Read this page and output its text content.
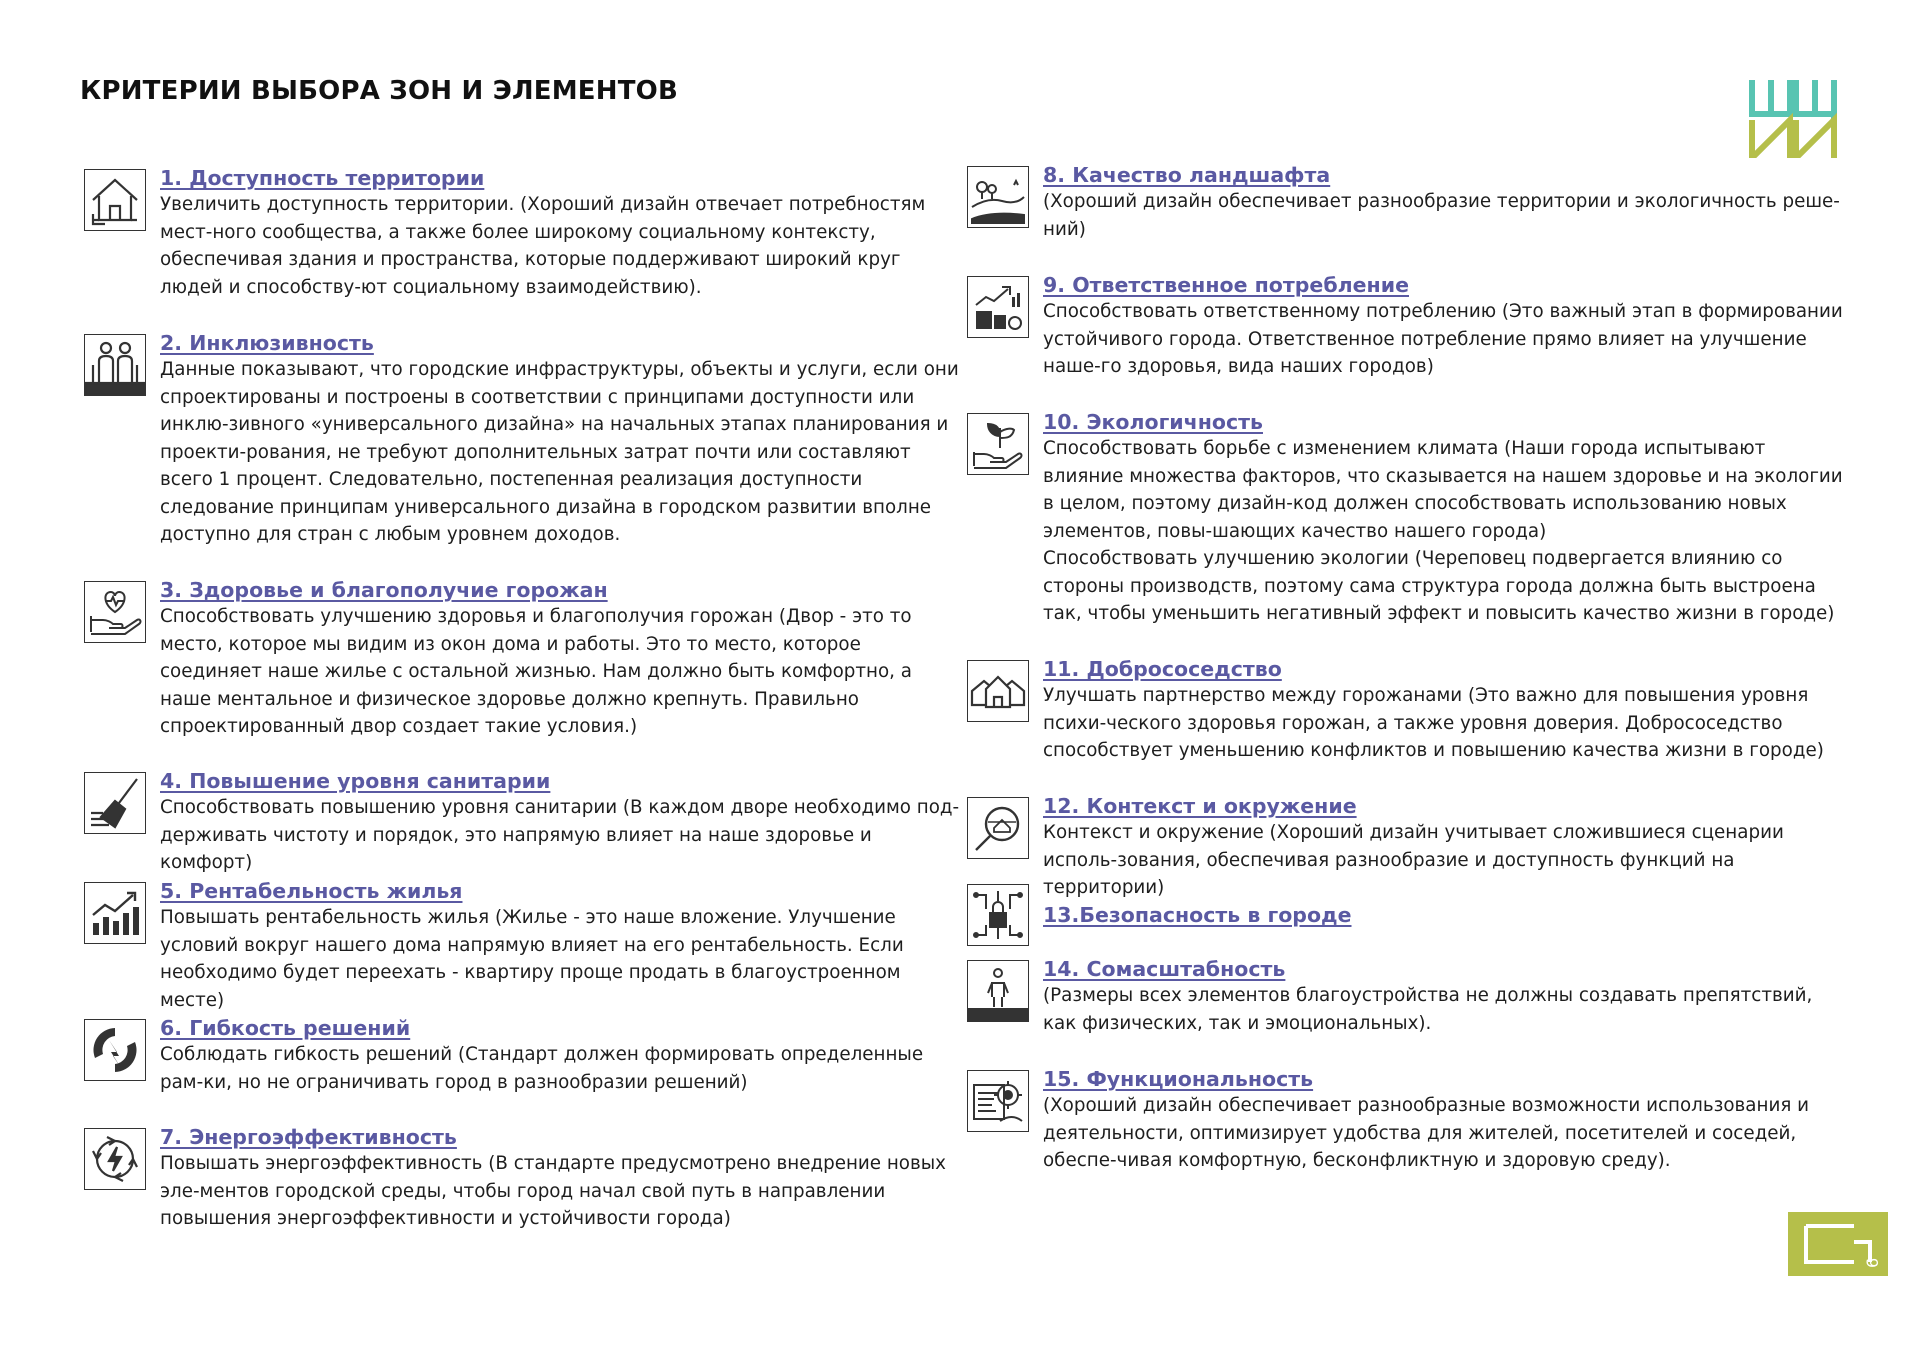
КРИТЕРИИ ВЫБОРА ЗОН И ЭЛЕМЕНТОВ
1. Доступность территории

Увеличить доступность территории. (Хороший дизайн отвечает потребностям мест-ного сообщества, а также более широкому социальному контексту, обеспечивая здания и пространства, которые поддерживают широкий круг людей и способству-ют социальному взаимодействию).

2. Инклюзивность

Данные показывают, что городские инфраструктуры, объекты и услуги, если они спроектированы и построены в соответствии с принципами доступности или инклю-зивного «универсального дизайна» на начальных этапах планирования и проекти-рования, не требуют дополнительных затрат почти или составляют всего 1 процент. Следовательно, постепенная реализация доступности следование принципам универсального дизайна в городском развитии вполне доступно для стран с любым уровнем доходов.

3. Здоровье и благополучие горожан

Способствовать улучшению здоровья и благополучия горожан (Двор - это то место, которое мы видим из окон дома и работы. Это то место, которое соединяет наше жилье с остальной жизнью. Нам должно быть комфортно, а наше ментальное и физическое здоровье должно крепнуть. Правильно спроектированный двор создает такие условия.)

4. Повышение уровня санитарии

Способствовать повышению уровня санитарии (В каждом дворе необходимо под-держивать чистоту и порядок, это напрямую влияет на наше здоровье и комфорт)

5. Рентабельность жилья

Повышать рентабельность жилья (Жилье - это наше вложение. Улучшение условий вокруг нашего дома напрямую влияет на его рентабельность. Если необходимо будет переехать - квартиру проще продать в благоустроенном месте)

6. Гибкость решений

Соблюдать гибкость решений (Стандарт должен формировать определенные рам-ки, но не ограничивать город в разнообразии решений)

7. Энергоэффективность

Повышать энергоэффективность (В стандарте предусмотрено внедрение новых эле-ментов городской среды, чтобы город начал свой путь в направлении повышения энергоэффективности и устойчивости города)

8. Качество ландшафта

(Хороший дизайн обеспечивает разнообразие территории и экологичность реше-ний)

9. Ответственное потребление

Способствовать ответственному потреблению (Это важный этап в формировании устойчивого города. Ответственное потребление прямо влияет на улучшение наше-го здоровья, вида наших городов)

10. Экологичность

Способствовать борьбе с изменением климата (Наши города испытывают влияние множества факторов, что сказывается на нашем здоровье и на экологии в целом, поэтому дизайн-код должен способствовать использованию новых элементов, повы-шающих качество нашего города)
Способствовать улучшению экологии (Череповец подвергается влиянию со стороны производств, поэтому сама структура города должна быть выстроена так, чтобы уменьшить негативный эффект и повысить качество жизни в городе)

11. Добрососедство

Улучшать партнерство между горожанами (Это важно для повышения уровня психи-ческого здоровья горожан, а также уровня доверия. Добрососедство способствует уменьшению конфликтов и повышению качества жизни в городе)

12. Контекст и окружение

Контекст и окружение (Хороший дизайн учитывает сложившиеся сценарии исполь-зования, обеспечивая разнообразие и доступность функций на территории)

13.Безопасность в городе
14. Сомасштабность

(Размеры всех элементов благоустройства не должны создавать препятствий, как физических, так и эмоциональных).

15. Функциональность

(Хороший дизайн обеспечивает разнообразные возможности использования и деятельности, оптимизирует удобства для жителей, посетителей и соседей, обеспе-чивая комфортную, бесконфликтную и здоровую среду).

6
